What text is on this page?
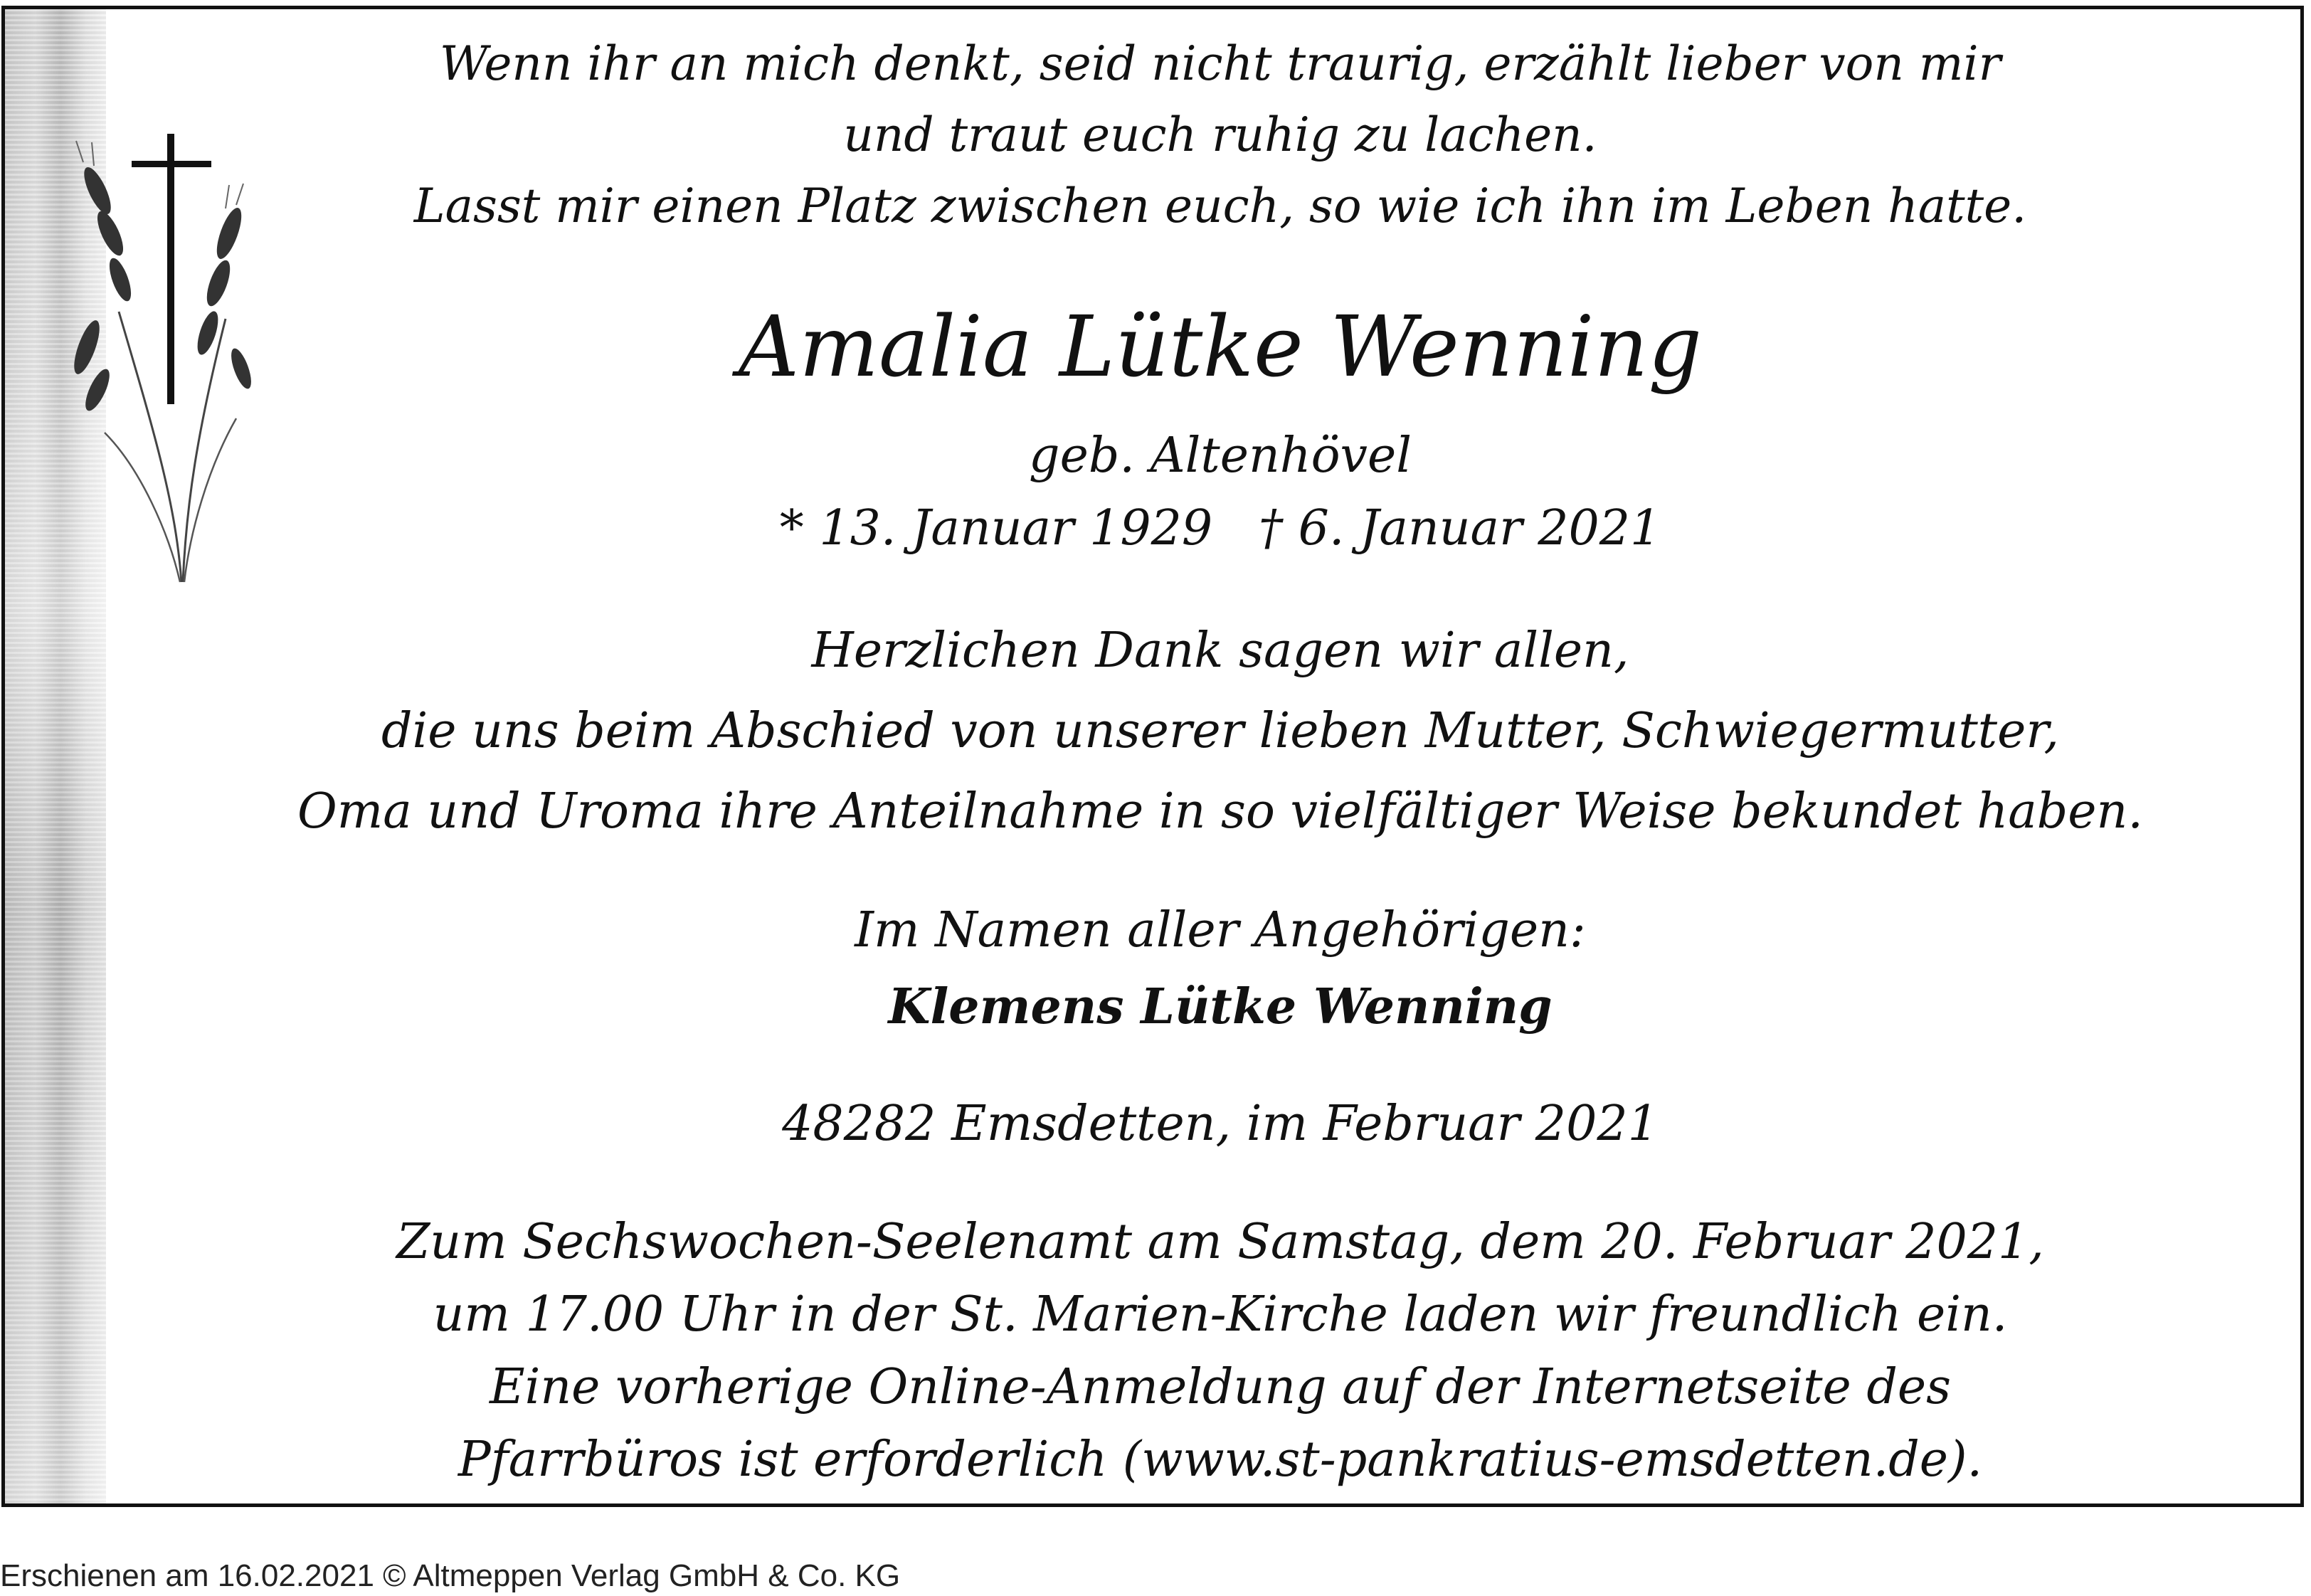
Wenn ihr an mich denkt, seid nicht traurig, erzählt lieber von mir
und traut euch ruhig zu lachen.
Lasst mir einen Platz zwischen euch, so wie ich ihn im Leben hatte.
Amalia Lütke Wenning
geb. Altenhövel
* 13. Januar 1929   † 6. Januar 2021
Herzlichen Dank sagen wir allen,
die uns beim Abschied von unserer lieben Mutter, Schwiegermutter,
Oma und Uroma ihre Anteilnahme in so vielfältiger Weise bekundet haben.
Im Namen aller Angehörigen:
Klemens Lütke Wenning
48282 Emsdetten, im Februar 2021
Zum Sechswochen-Seelenamt am Samstag, dem 20. Februar 2021,
um 17.00 Uhr in der St. Marien-Kirche laden wir freundlich ein.
Eine vorherige Online-Anmeldung auf der Internetseite des
Pfarrbüros ist erforderlich (www.st-pankratius-emsdetten.de).
Erschienen am 16.02.2021 © Altmeppen Verlag GmbH & Co. KG
